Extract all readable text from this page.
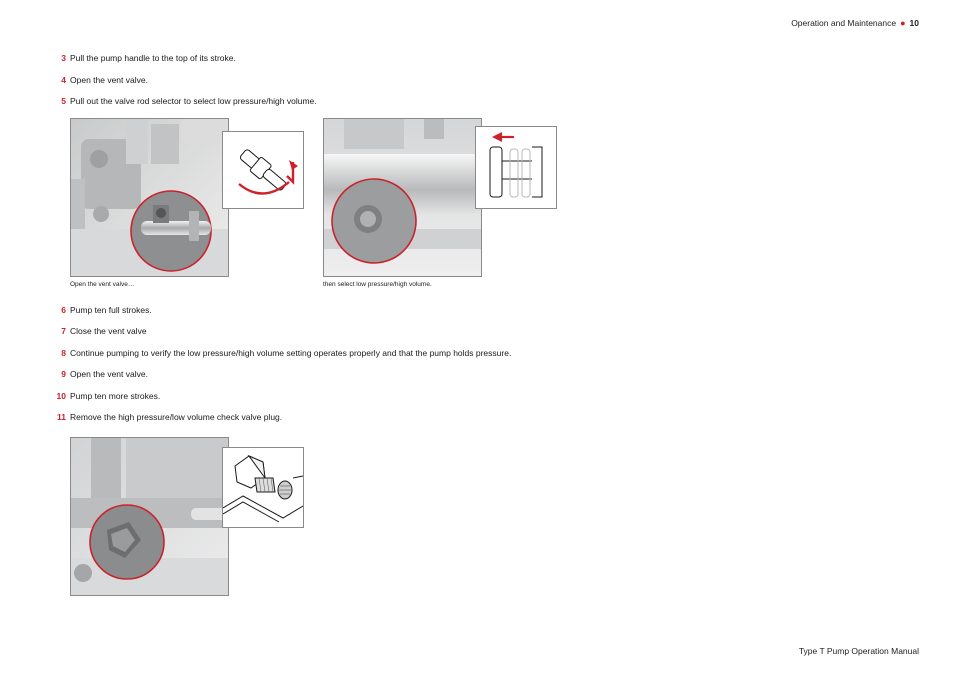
Operation and Maintenance ● 10
3 Pull the pump handle to the top of its stroke.
4 Open the vent valve.
5 Pull out the valve rod selector to select low pressure/high volume.
Open the vent valve…	then select low pressure/high volume.
6 Pump ten full strokes.
7 Close the vent valve
8 Continue pumping to verify the low pressure/high volume setting operates properly and that the pump holds pressure.
9 Open the vent valve.
10 Pump ten more strokes.
11 Remove the high pressure/low volume check valve plug.
Type T Pump Operation Manual
